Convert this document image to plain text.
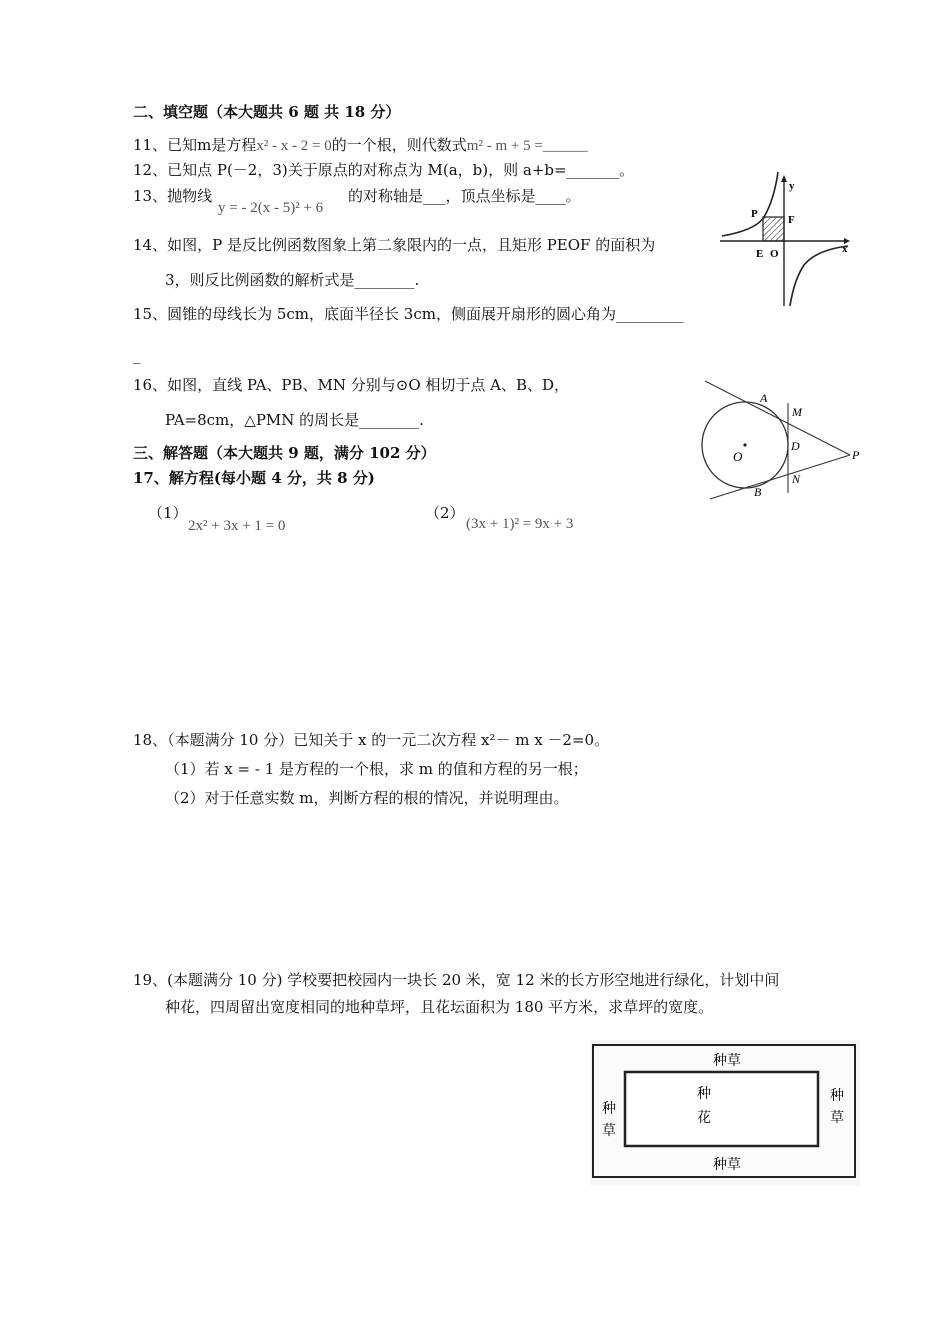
二、填空题（本大题共 6 题 共 18 分）
11、已知m是方程x² - x - 2 = 0的一个根，则代数式m² - m + 5 =______
12、已知点 P(－2，3)关于原点的对称点为 M(a，b)，则 a+b=_______。
13、抛物线
y = - 2(x - 5)² + 6
的对称轴是___，顶点坐标是____。
14、如图，P 是反比例函数图象上第二象限内的一点，且矩形 PEOF 的面积为
3，则反比例函数的解析式是________.
15、圆锥的母线长为 5cm，底面半径长 3cm，侧面展开扇形的圆心角为_________
_
16、如图，直线 PA、PB、MN 分别与⊙O 相切于点 A、B、D，
PA=8cm，△PMN 的周长是________.
三、解答题（本大题共 9 题，满分 102 分）
17、解方程(每小题 4 分，共 8 分)
（1）
2x² + 3x + 1 = 0
（2）
(3x + 1)² = 9x + 3
18、（本题满分 10 分）已知关于 x 的一元二次方程 x²－ m x －2=0。
（1）若 x = - 1 是方程的一个根，求 m 的值和方程的另一根；
（2）对于任意实数 m，判断方程的根的情况，并说明理由。
19、(本题满分 10 分) 学校要把校园内一块长 20 米，宽 12 米的长方形空地进行绿化，计划中间
种花，四周留出宽度相同的地种草坪，且花坛面积为 180 平方米，求草坪的宽度。
y
x
P	F
E O
A
M
D
N
B
O	P
种草
种草
种
草
种
草
种
花
